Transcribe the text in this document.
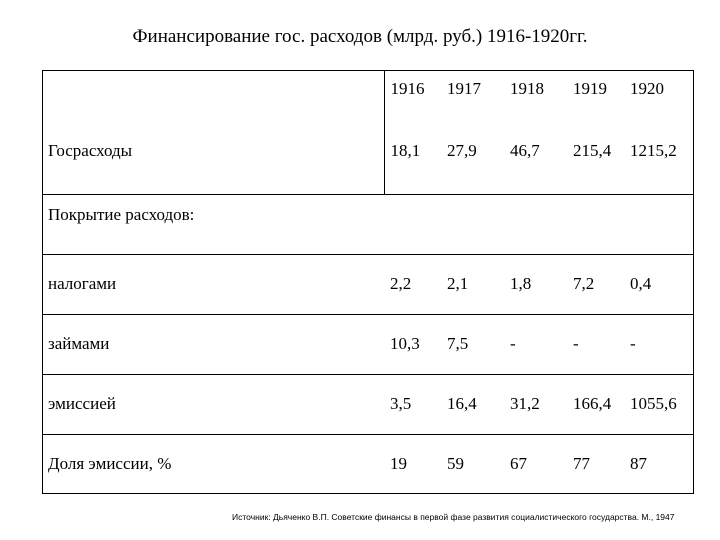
Финансирование гос. расходов (млрд. руб.) 1916-1920гг.
	1916	1917	1918	1919	1920
Госрасходы	18,1	27,9	46,7	215,4	1215,2
Покрытие расходов:					
налогами	2,2	2,1	1,8	7,2	0,4
займами	10,3	7,5	-	-	-
эмиссией	3,5	16,4	31,2	166,4	1055,6
Доля эмиссии, %	19	59	67	77	87
Источник: Дьяченко В.П. Советские финансы в первой фазе развития социалистического государства. М., 1947
